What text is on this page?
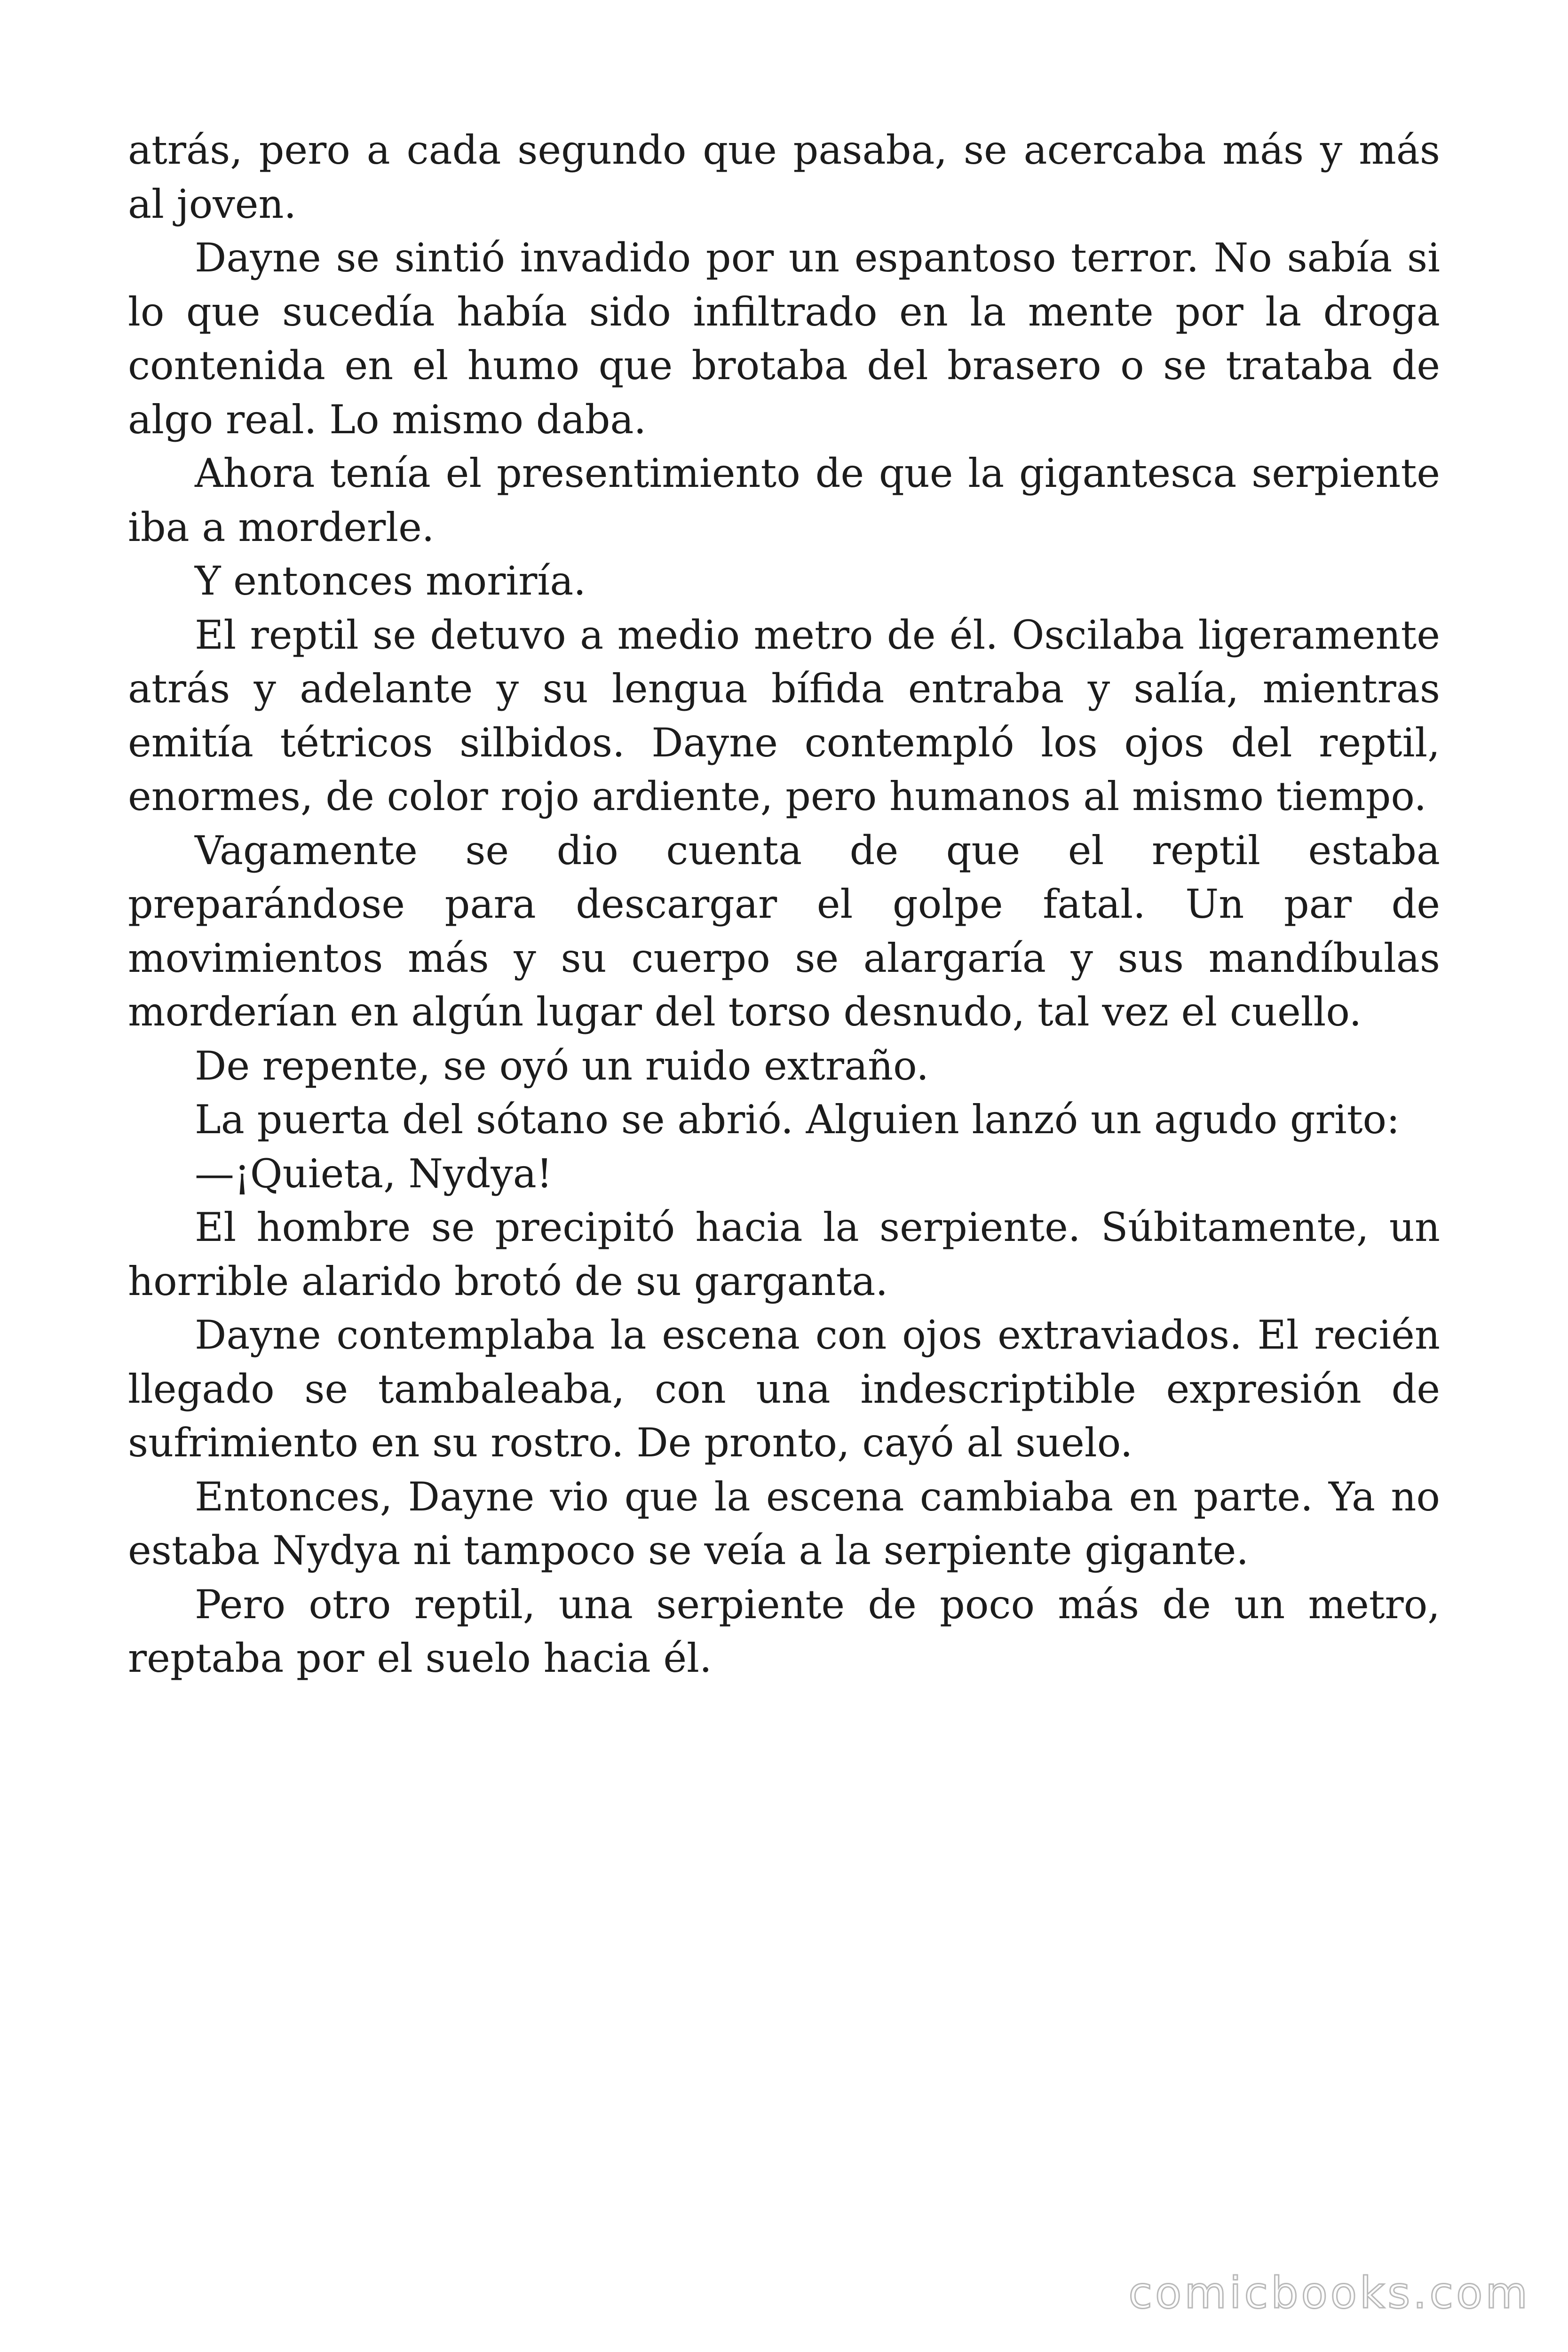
atrás, pero a cada segundo que pasaba, se acercaba más y más al joven.

Dayne se sintió invadido por un espantoso terror. No sabía si lo que sucedía había sido infiltrado en la mente por la droga contenida en el humo que brotaba del brasero o se trataba de algo real. Lo mismo daba.

Ahora tenía el presentimiento de que la gigantesca serpiente iba a morderle.

Y entonces moriría.

El reptil se detuvo a medio metro de él. Oscilaba ligeramente atrás y adelante y su lengua bífida entraba y salía, mientras emitía tétricos silbidos. Dayne contempló los ojos del reptil, enormes, de color rojo ardiente, pero humanos al mismo tiempo.

Vagamente se dio cuenta de que el reptil estaba preparándose para descargar el golpe fatal. Un par de movimientos más y su cuerpo se alargaría y sus mandíbulas morderían en algún lugar del torso desnudo, tal vez el cuello.

De repente, se oyó un ruido extraño.

La puerta del sótano se abrió. Alguien lanzó un agudo grito:

—¡Quieta, Nydya!

El hombre se precipitó hacia la serpiente. Súbitamente, un horrible alarido brotó de su garganta.

Dayne contemplaba la escena con ojos extraviados. El recién llegado se tambaleaba, con una indescriptible expresión de sufrimiento en su rostro. De pronto, cayó al suelo.

Entonces, Dayne vio que la escena cambiaba en parte. Ya no estaba Nydya ni tampoco se veía a la serpiente gigante.

Pero otro reptil, una serpiente de poco más de un metro, reptaba por el suelo hacia él.

comicbooks.com
